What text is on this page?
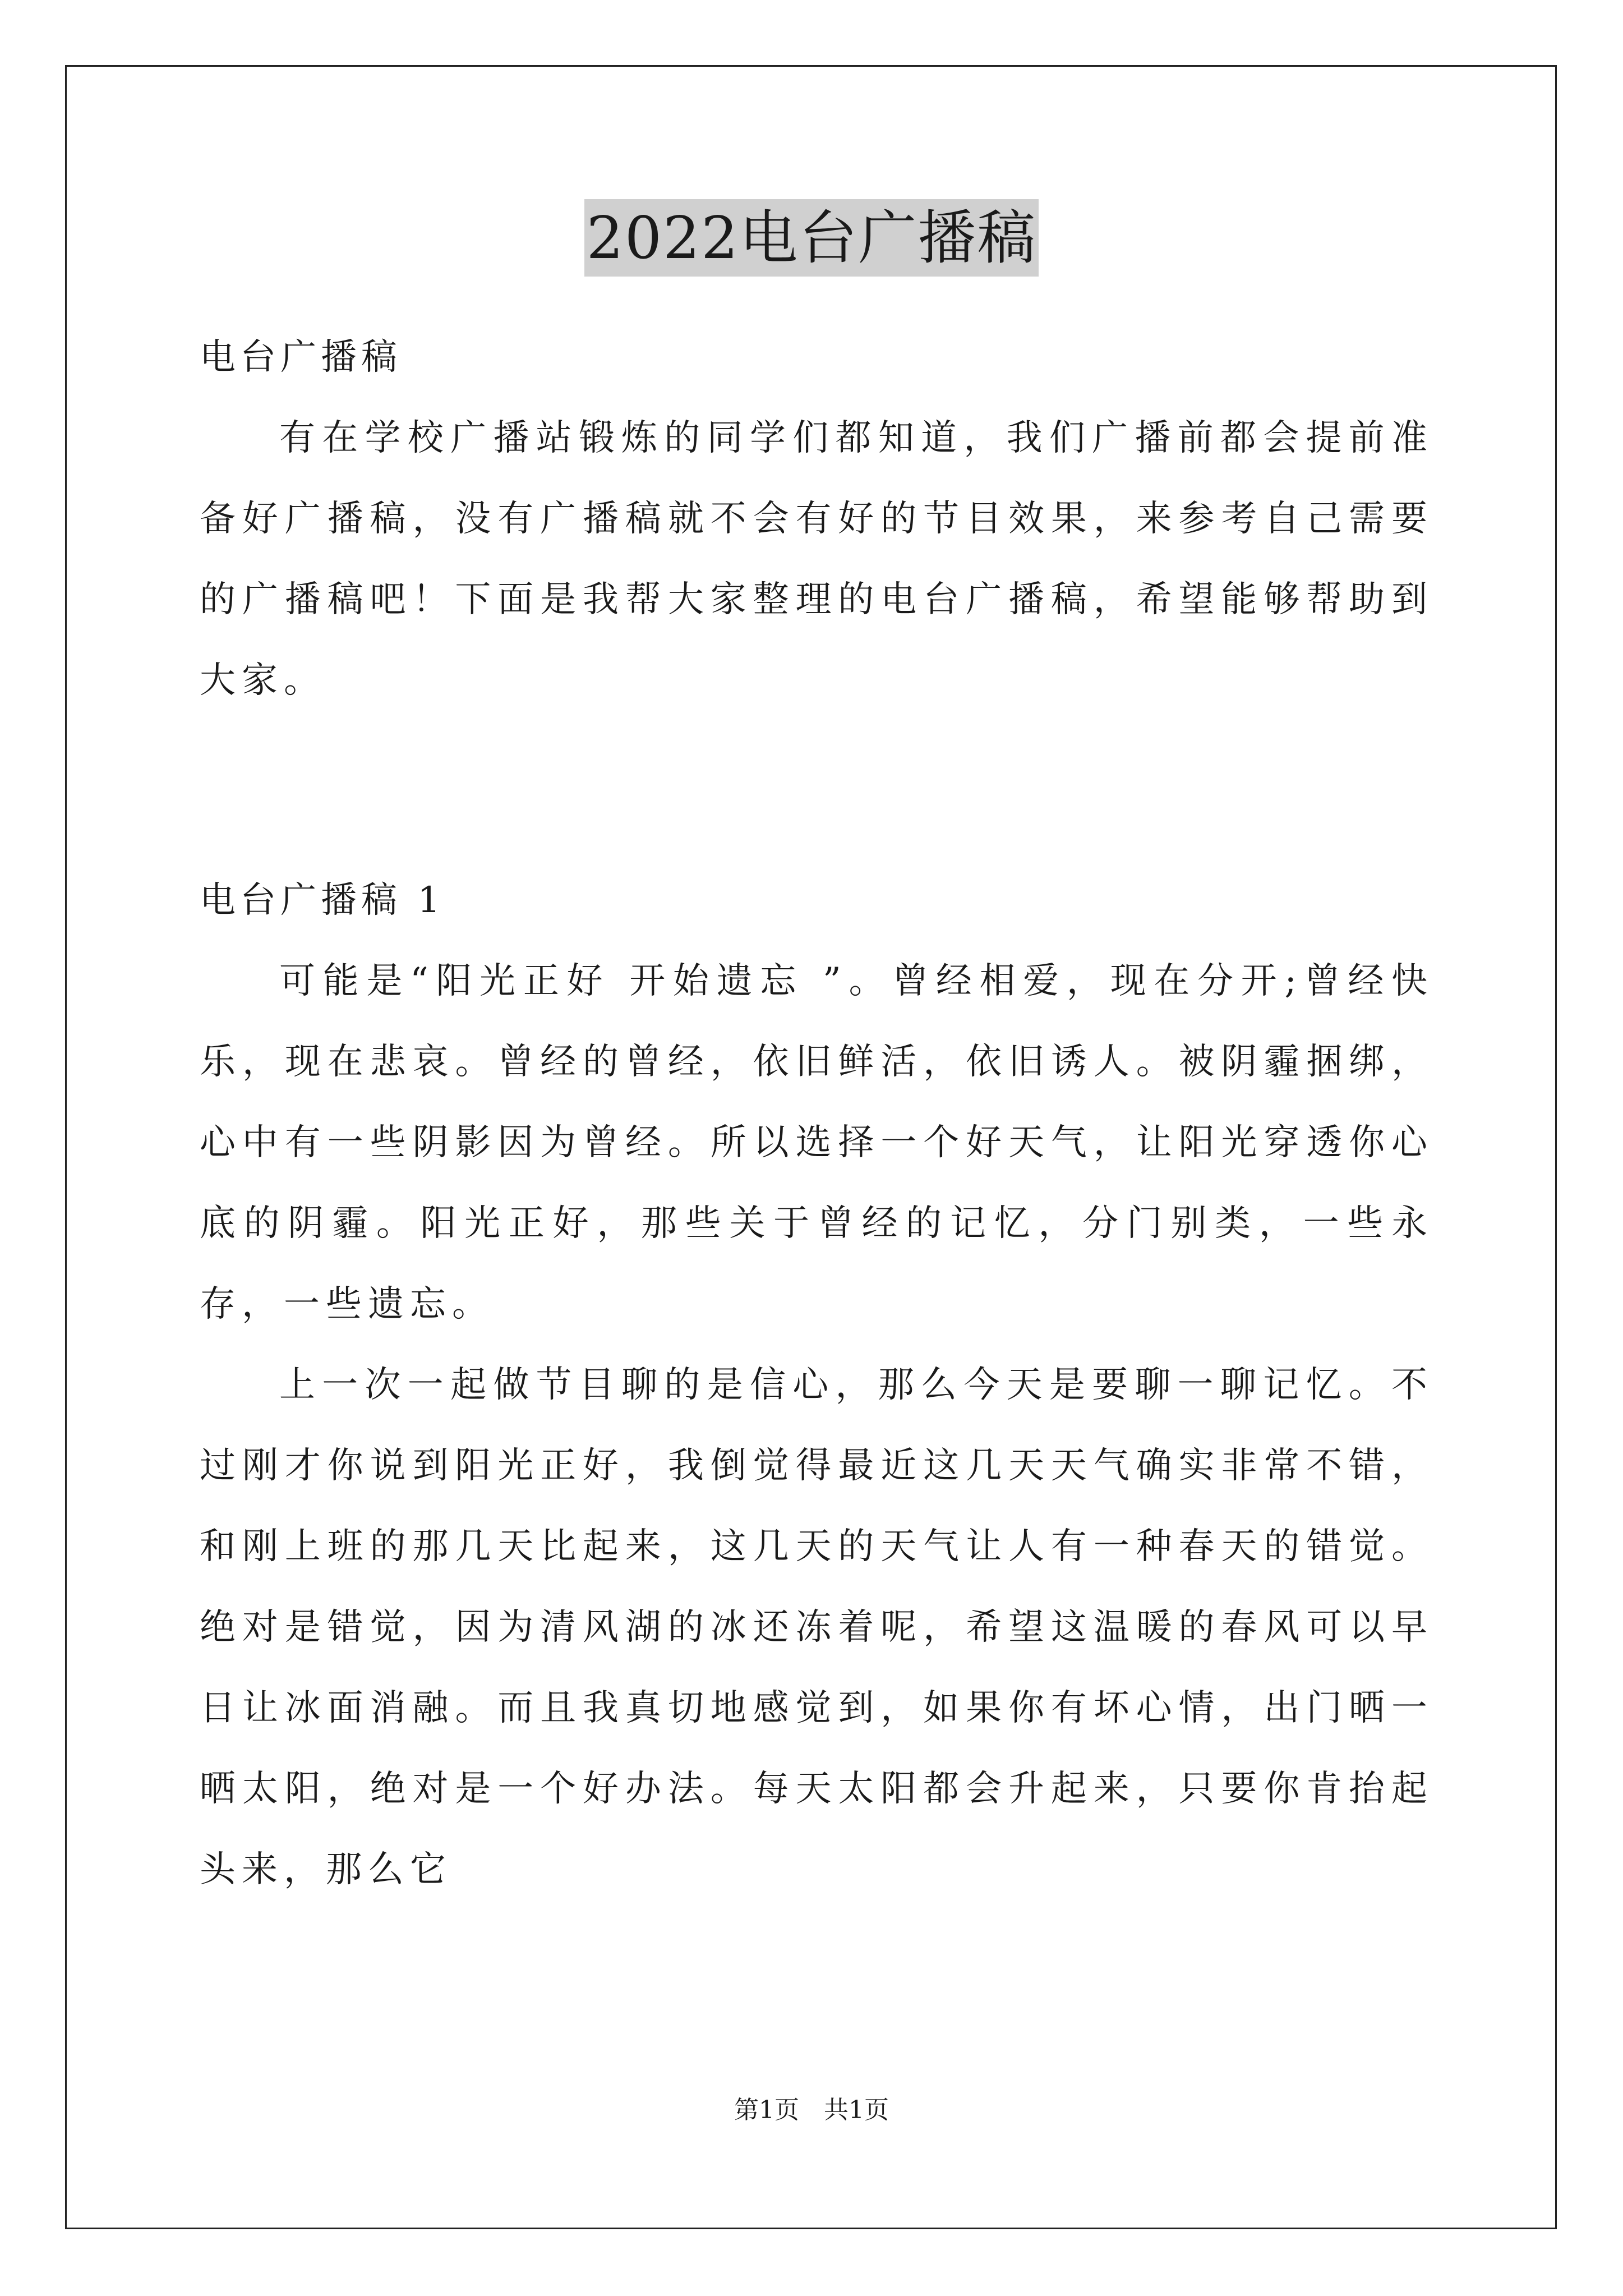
2022电台广播稿
电台广播稿

有在学校广播站锻炼的同学们都知道，我们广播前都会提前准备好广播稿，没有广播稿就不会有好的节目效果，来参考自己需要的广播稿吧！下面是我帮大家整理的电台广播稿，希望能够帮助到大家。

电台广播稿 1

可能是“阳光正好 开始遗忘 ”。曾经相爱，现在分开;曾经快乐，现在悲哀。曾经的曾经，依旧鲜活，依旧诱人。被阴霾捆绑，心中有一些阴影因为曾经。所以选择一个好天气，让阳光穿透你心底的阴霾。阳光正好，那些关于曾经的记忆，分门别类，一些永存，一些遗忘。

上一次一起做节目聊的是信心，那么今天是要聊一聊记忆。不过刚才你说到阳光正好，我倒觉得最近这几天天气确实非常不错，和刚上班的那几天比起来，这几天的天气让人有一种春天的错觉。绝对是错觉，因为清风湖的冰还冻着呢，希望这温暖的春风可以早日让冰面消融。而且我真切地感觉到，如果你有坏心情，出门晒一晒太阳，绝对是一个好办法。每天太阳都会升起来，只要你肯抬起头来，那么它

第1页　共1页
